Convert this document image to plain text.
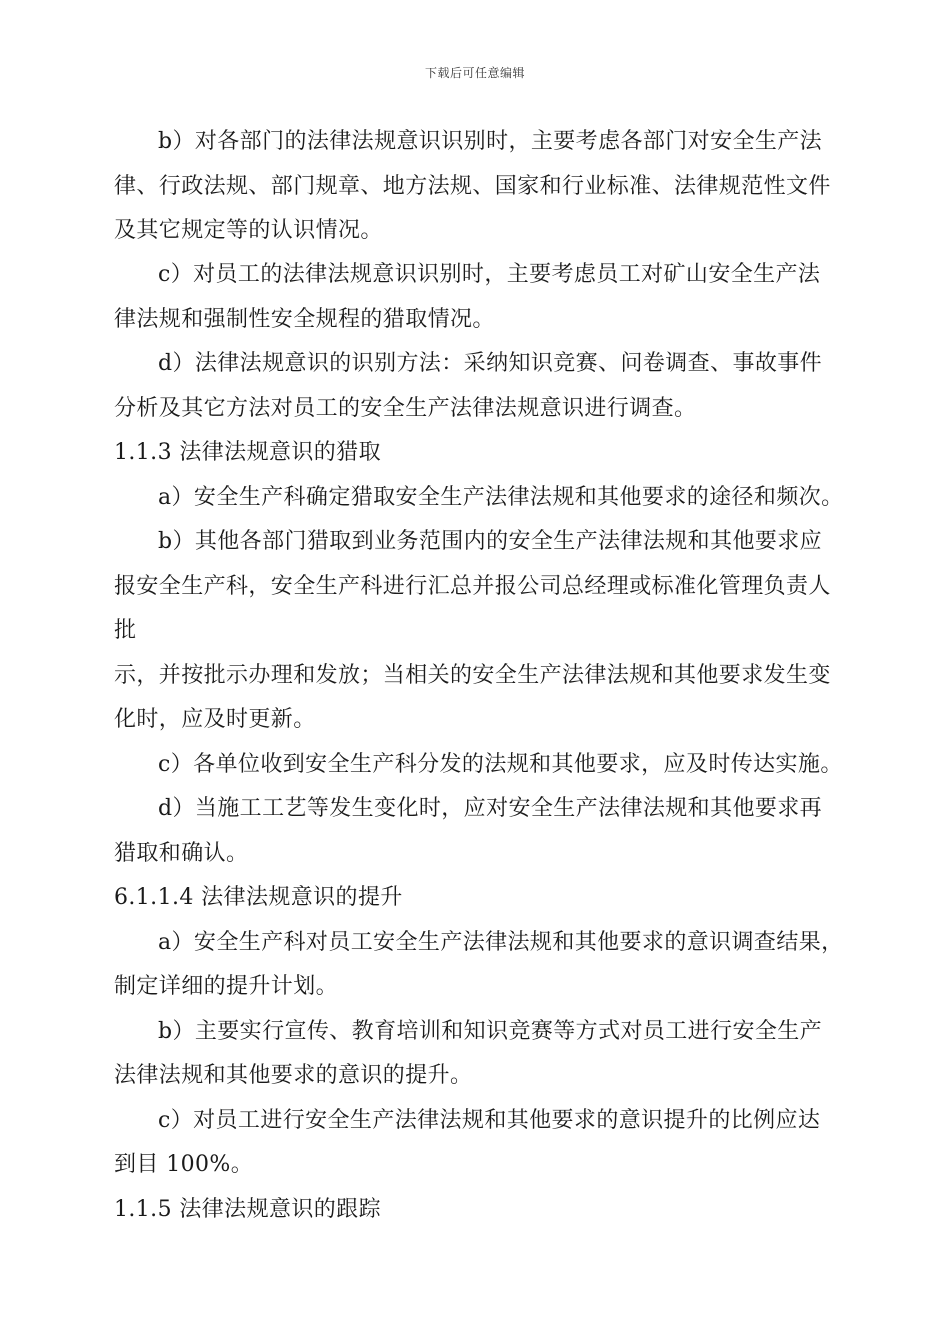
下载后可任意编辑
b）对各部门的法律法规意识识别时，主要考虑各部门对安全生产法
律、行政法规、部门规章、地方法规、国家和行业标准、法律规范性文件
及其它规定等的认识情况。
c）对员工的法律法规意识识别时，主要考虑员工对矿山安全生产法
律法规和强制性安全规程的猎取情况。
d）法律法规意识的识别方法：采纳知识竞赛、问卷调查、事故事件
分析及其它方法对员工的安全生产法律法规意识进行调查。
1.1.3 法律法规意识的猎取
a）安全生产科确定猎取安全生产法律法规和其他要求的途径和频次。
b）其他各部门猎取到业务范围内的安全生产法律法规和其他要求应
报安全生产科，安全生产科进行汇总并报公司总经理或标准化管理负责人
批
示，并按批示办理和发放；当相关的安全生产法律法规和其他要求发生变
化时，应及时更新。
c）各单位收到安全生产科分发的法规和其他要求，应及时传达实施。
d）当施工工艺等发生变化时，应对安全生产法律法规和其他要求再
猎取和确认。
6.1.1.4 法律法规意识的提升
a）安全生产科对员工安全生产法律法规和其他要求的意识调查结果，
制定详细的提升计划。
b）主要实行宣传、教育培训和知识竞赛等方式对员工进行安全生产
法律法规和其他要求的意识的提升。
c）对员工进行安全生产法律法规和其他要求的意识提升的比例应达
到目 100%。
1.1.5 法律法规意识的跟踪
